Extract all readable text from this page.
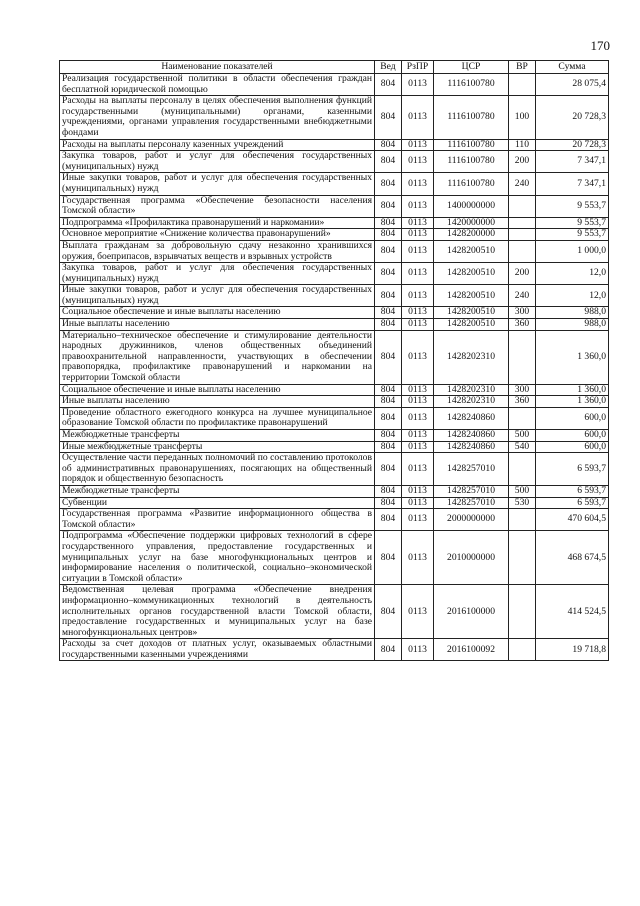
170
Наименование показателей	Вед	РзПР	ЦСР	ВР	Сумма
Реализация государственной политики в области обеспечения граждан бесплатной юридической помощью	804	0113	1116100780		28 075,4
Расходы на выплаты персоналу в целях обеспечения выполнения функций государственными (муниципальными) органами, казенными учреждениями, органами управления государственными внебюджетными фондами	804	0113	1116100780	100	20 728,3
Расходы на выплаты персоналу казенных учреждений	804	0113	1116100780	110	20 728,3
Закупка товаров, работ и услуг для обеспечения государственных (муниципальных) нужд	804	0113	1116100780	200	7 347,1
Иные закупки товаров, работ и услуг для обеспечения государственных (муниципальных) нужд	804	0113	1116100780	240	7 347,1
Государственная программа «Обеспечение безопасности населения Томской области»	804	0113	1400000000		9 553,7
Подпрограмма «Профилактика правонарушений и наркомании»	804	0113	1420000000		9 553,7
Основное мероприятие «Снижение количества правонарушений»	804	0113	1428200000		9 553,7
Выплата гражданам за добровольную сдачу незаконно хранившихся оружия, боеприпасов, взрывчатых веществ и взрывных устройств	804	0113	1428200510		1 000,0
Закупка товаров, работ и услуг для обеспечения государственных (муниципальных) нужд	804	0113	1428200510	200	12,0
Иные закупки товаров, работ и услуг для обеспечения государственных (муниципальных) нужд	804	0113	1428200510	240	12,0
Социальное обеспечение и иные выплаты населению	804	0113	1428200510	300	988,0
Иные выплаты населению	804	0113	1428200510	360	988,0
Материально–техническое обеспечение и стимулирование деятельности народных дружинников, членов общественных объединений правоохранительной направленности, участвующих в обеспечении правопорядка, профилактике правонарушений и наркомании на территории Томской области	804	0113	1428202310		1 360,0
Социальное обеспечение и иные выплаты населению	804	0113	1428202310	300	1 360,0
Иные выплаты населению	804	0113	1428202310	360	1 360,0
Проведение областного ежегодного конкурса на лучшее муниципальное образование Томской области по профилактике правонарушений	804	0113	1428240860		600,0
Межбюджетные трансферты	804	0113	1428240860	500	600,0
Иные межбюджетные трансферты	804	0113	1428240860	540	600,0
Осуществление части переданных полномочий по составлению протоколов об административных правонарушениях, посягающих на общественный порядок и общественную безопасность	804	0113	1428257010		6 593,7
Межбюджетные трансферты	804	0113	1428257010	500	6 593,7
Субвенции	804	0113	1428257010	530	6 593,7
Государственная программа «Развитие информационного общества в Томской области»	804	0113	2000000000		470 604,5
Подпрограмма «Обеспечение поддержки цифровых технологий в сфере государственного управления, предоставление государственных и муниципальных услуг на базе многофункциональных центров и информирование населения о политической, социально–экономической ситуации в Томской области»	804	0113	2010000000		468 674,5
Ведомственная целевая программа «Обеспечение внедрения информационно–коммуникационных технологий в деятельность исполнительных органов государственной власти Томской области, предоставление государственных и муниципальных услуг на базе многофункциональных центров»	804	0113	2016100000		414 524,5
Расходы за счет доходов от платных услуг, оказываемых областными государственными казенными учреждениями	804	0113	2016100092		19 718,8
